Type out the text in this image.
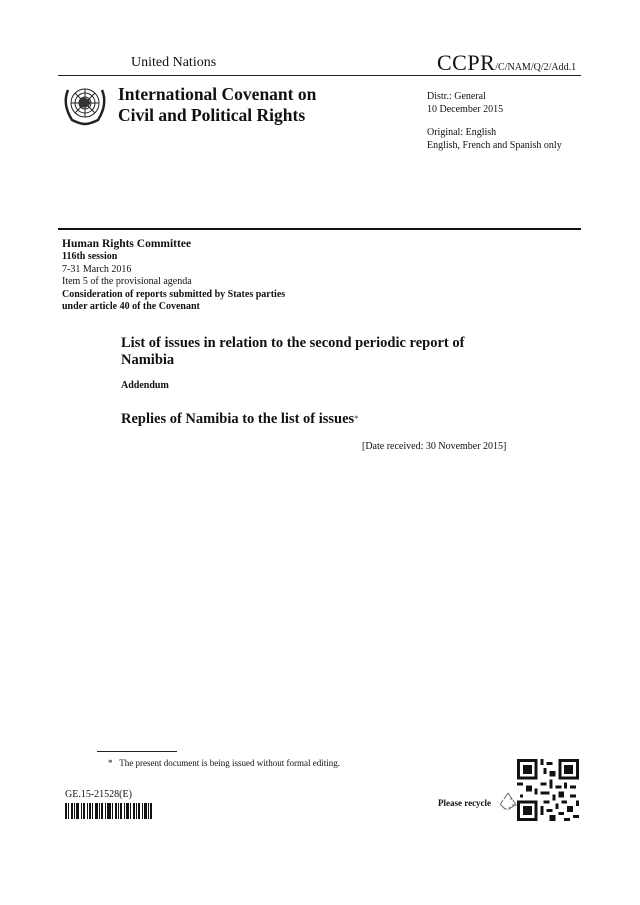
United Nations	CCPR/C/NAM/Q/2/Add.1
International Covenant on
Civil and Political Rights
Distr.: General
10 December 2015
Original: English
English, French and Spanish only
Human Rights Committee
116th session
7-31 March 2016
Item 5 of the provisional agenda
Consideration of reports submitted by States parties
under article 40 of the Covenant
List of issues in relation to the second periodic report of Namibia
Addendum
Replies of Namibia to the list of issues*
[Date received: 30 November 2015]
* The present document is being issued without formal editing.
GE.15-21528(E)
Please recycle
